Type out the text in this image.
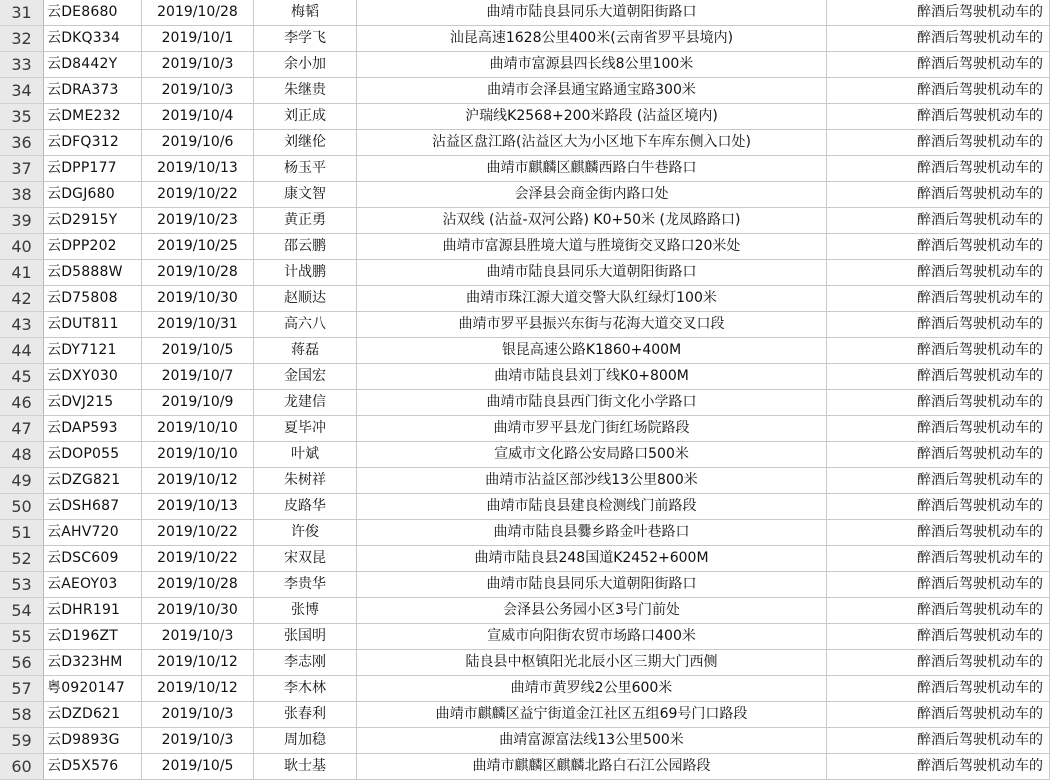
31	云DE8680	2019/10/28	梅韬	曲靖市陆良县同乐大道朝阳街路口	醉酒后驾驶机动车的
32	云DKQ334	2019/10/1	李学飞	汕昆高速1628公里400米(云南省罗平县境内)	醉酒后驾驶机动车的
33	云D8442Y	2019/10/3	余小加	曲靖市富源县四长线8公里100米	醉酒后驾驶机动车的
34	云DRA373	2019/10/3	朱继贵	曲靖市会泽县通宝路通宝路300米	醉酒后驾驶机动车的
35	云DME232	2019/10/4	刘正成	沪瑞线K2568+200米路段 (沾益区境内)	醉酒后驾驶机动车的
36	云DFQ312	2019/10/6	刘继伦	沾益区盘江路(沾益区大为小区地下车库东侧入口处)	醉酒后驾驶机动车的
37	云DPP177	2019/10/13	杨玉平	曲靖市麒麟区麒麟西路白牛巷路口	醉酒后驾驶机动车的
38	云DGJ680	2019/10/22	康文智	会泽县会商金街内路口处	醉酒后驾驶机动车的
39	云D2915Y	2019/10/23	黄正勇	沾双线 (沾益-双河公路) K0+50米 (龙凤路路口)	醉酒后驾驶机动车的
40	云DPP202	2019/10/25	邵云鹏	曲靖市富源县胜境大道与胜境街交叉路口20米处	醉酒后驾驶机动车的
41	云D5888W	2019/10/28	计战鹏	曲靖市陆良县同乐大道朝阳街路口	醉酒后驾驶机动车的
42	云D75808	2019/10/30	赵顺达	曲靖市珠江源大道交警大队红绿灯100米	醉酒后驾驶机动车的
43	云DUT811	2019/10/31	高六八	曲靖市罗平县振兴东街与花海大道交叉口段	醉酒后驾驶机动车的
44	云DY7121	2019/10/5	蒋磊	银昆高速公路K1860+400M	醉酒后驾驶机动车的
45	云DXY030	2019/10/7	金国宏	曲靖市陆良县刘丁线K0+800M	醉酒后驾驶机动车的
46	云DVJ215	2019/10/9	龙建信	曲靖市陆良县西门街文化小学路口	醉酒后驾驶机动车的
47	云DAP593	2019/10/10	夏毕冲	曲靖市罗平县龙门街红场院路段	醉酒后驾驶机动车的
48	云DOP055	2019/10/10	叶斌	宣威市文化路公安局路口500米	醉酒后驾驶机动车的
49	云DZG821	2019/10/12	朱树祥	曲靖市沾益区部沙线13公里800米	醉酒后驾驶机动车的
50	云DSH687	2019/10/13	皮路华	曲靖市陆良县建良检测线门前路段	醉酒后驾驶机动车的
51	云AHV720	2019/10/22	许俊	曲靖市陆良县爨乡路金叶巷路口	醉酒后驾驶机动车的
52	云DSC609	2019/10/22	宋双昆	曲靖市陆良县248国道K2452+600M	醉酒后驾驶机动车的
53	云AEOY03	2019/10/28	李贵华	曲靖市陆良县同乐大道朝阳街路口	醉酒后驾驶机动车的
54	云DHR191	2019/10/30	张博	会泽县公务园小区3号门前处	醉酒后驾驶机动车的
55	云D196ZT	2019/10/3	张国明	宣威市向阳街农贸市场路口400米	醉酒后驾驶机动车的
56	云D323HM	2019/10/12	李志刚	陆良县中枢镇阳光北辰小区三期大门西侧	醉酒后驾驶机动车的
57	粤0920147	2019/10/12	李木林	曲靖市黄罗线2公里600米	醉酒后驾驶机动车的
58	云DZD621	2019/10/3	张春利	曲靖市麒麟区益宁街道金江社区五组69号门口路段	醉酒后驾驶机动车的
59	云D9893G	2019/10/3	周加稳	曲靖富源富法线13公里500米	醉酒后驾驶机动车的
60	云D5X576	2019/10/5	耿士基	曲靖市麒麟区麒麟北路白石江公园路段	醉酒后驾驶机动车的
